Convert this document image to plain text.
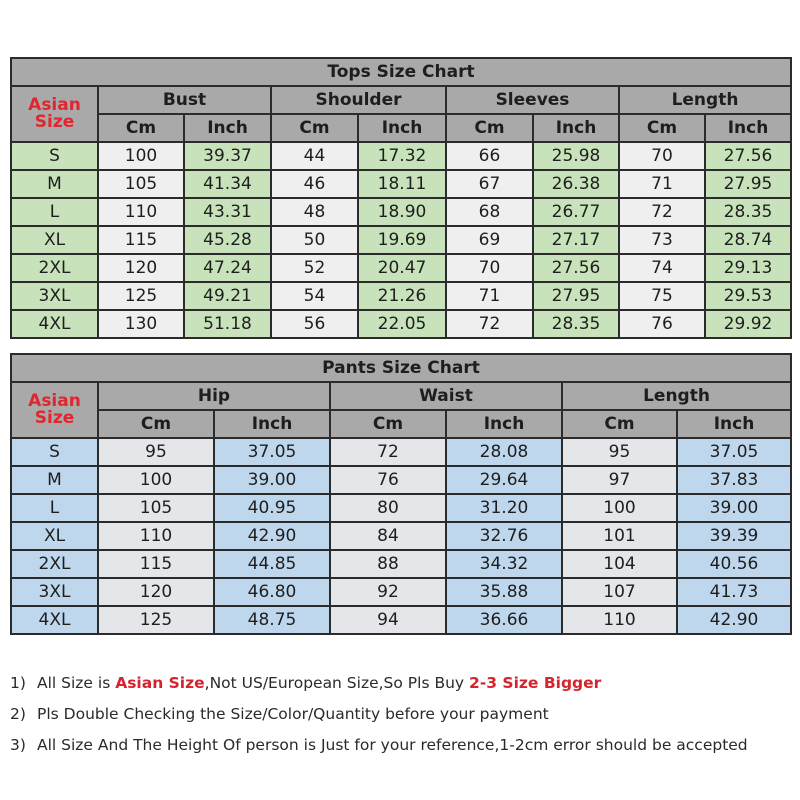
Tops Size Chart								
Asian
Size	Bust		Shoulder		Sleeves		Length	
	Cm	Inch	Cm	Inch	Cm	Inch	Cm	Inch
S	100	39.37	44	17.32	66	25.98	70	27.56
M	105	41.34	46	18.11	67	26.38	71	27.95
L	110	43.31	48	18.90	68	26.77	72	28.35
XL	115	45.28	50	19.69	69	27.17	73	28.74
2XL	120	47.24	52	20.47	70	27.56	74	29.13
3XL	125	49.21	54	21.26	71	27.95	75	29.53
4XL	130	51.18	56	22.05	72	28.35	76	29.92
Pants Size Chart						
Asian
Size	Hip		Waist		Length	
	Cm	Inch	Cm	Inch	Cm	Inch
S	95	37.05	72	28.08	95	37.05
M	100	39.00	76	29.64	97	37.83
L	105	40.95	80	31.20	100	39.00
XL	110	42.90	84	32.76	101	39.39
2XL	115	44.85	88	34.32	104	40.56
3XL	120	46.80	92	35.88	107	41.73
4XL	125	48.75	94	36.66	110	42.90
1) All Size is Asian Size,Not US/European Size,So Pls Buy 2-3 Size Bigger
2) Pls Double Checking the Size/Color/Quantity before your payment
3) All Size And The Height Of person is Just for your reference,1-2cm error should be accepted
